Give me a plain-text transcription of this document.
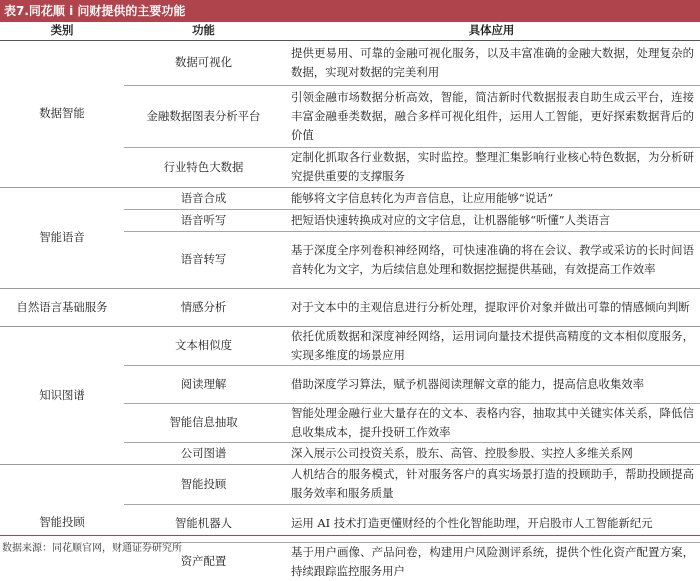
表7.同花顺 i 问财提供的主要功能
类别	功能	具体应用
数据智能	数据可视化	提供更易用、可靠的金融可视化服务，以及丰富准确的金融大数据，处理复杂的数据，实现对数据的完美利用
	金融数据图表分析平台	引领金融市场数据分析高效，智能，简洁新时代数据报表自助生成云平台，连接丰富金融垂类数据，融合多样可视化组件，运用人工智能，更好探索数据背后的价值
	行业特色大数据	定制化抓取各行业数据，实时监控。整理汇集影响行业核心特色数据，为分析研究提供重要的支撑服务
智能语音	语音合成	能够将文字信息转化为声音信息，让应用能够“说话”
	语音听写	把短语快速转换成对应的文字信息，让机器能够“听懂”人类语言
	语音转写	基于深度全序列卷积神经网络，可快速准确的将在会议、教学或采访的长时间语音转化为文字，为后续信息处理和数据挖掘提供基础，有效提高工作效率
自然语言基础服务	情感分析	对于文本中的主观信息进行分析处理，提取评价对象并做出可靠的情感倾向判断
知识图谱	文本相似度	依托优质数据和深度神经网络，运用词向量技术提供高精度的文本相似度服务，实现多维度的场景应用
	阅读理解	借助深度学习算法，赋予机器阅读理解文章的能力，提高信息收集效率
	智能信息抽取	智能处理金融行业大量存在的文本、表格内容，抽取其中关键实体关系，降低信息收集成本，提升投研工作效率
	公司图谱	深入展示公司投资关系，股东、高管、控股参股、实控人多维关系网
智能投顾	智能投顾	人机结合的服务模式，针对服务客户的真实场景打造的投顾助手，帮助投顾提高服务效率和服务质量
	智能机器人	运用 AI 技术打造更懂财经的个性化智能助理，开启股市人工智能新纪元
	资产配置	基于用户画像、产品问卷，构建用户风险测评系统，提供个性化资产配置方案，持续跟踪监控服务用户
数据来源：同花顺官网，财通证券研究所
